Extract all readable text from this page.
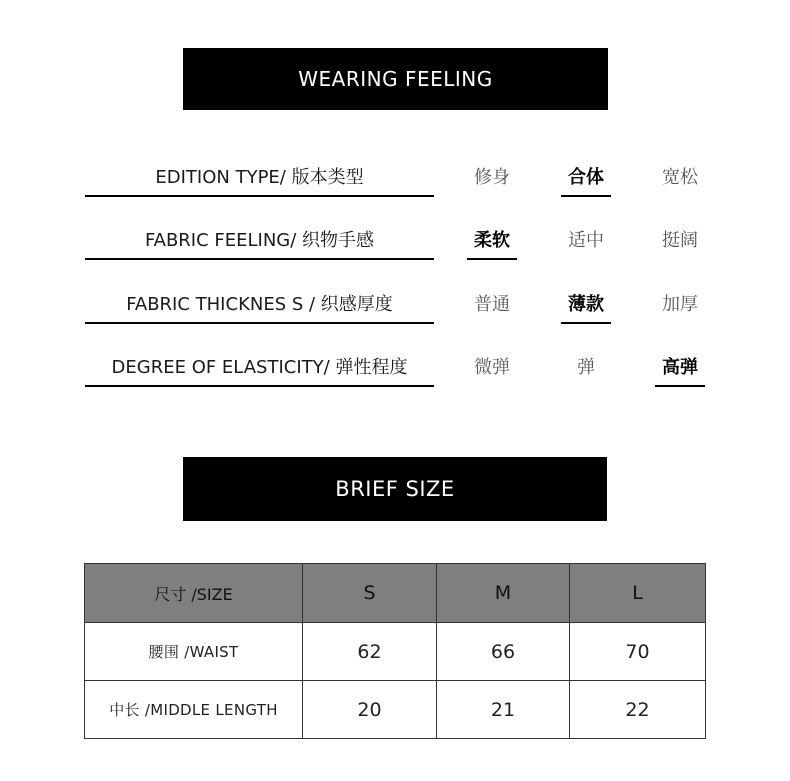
WEARING FEELING
EDITION TYPE/ 版本类型	修身	合体	宽松
FABRIC FEELING/ 织物手感	柔软	适中	挺阔
FABRIC THICKNES S / 织感厚度	普通	薄款	加厚
DEGREE OF ELASTICITY/ 弹性程度	微弹	弹	高弹
BRIEF SIZE
尺寸 /SIZE	S	M	L
腰围 /WAIST	62	66	70
中长 /MIDDLE LENGTH	20	21	22
